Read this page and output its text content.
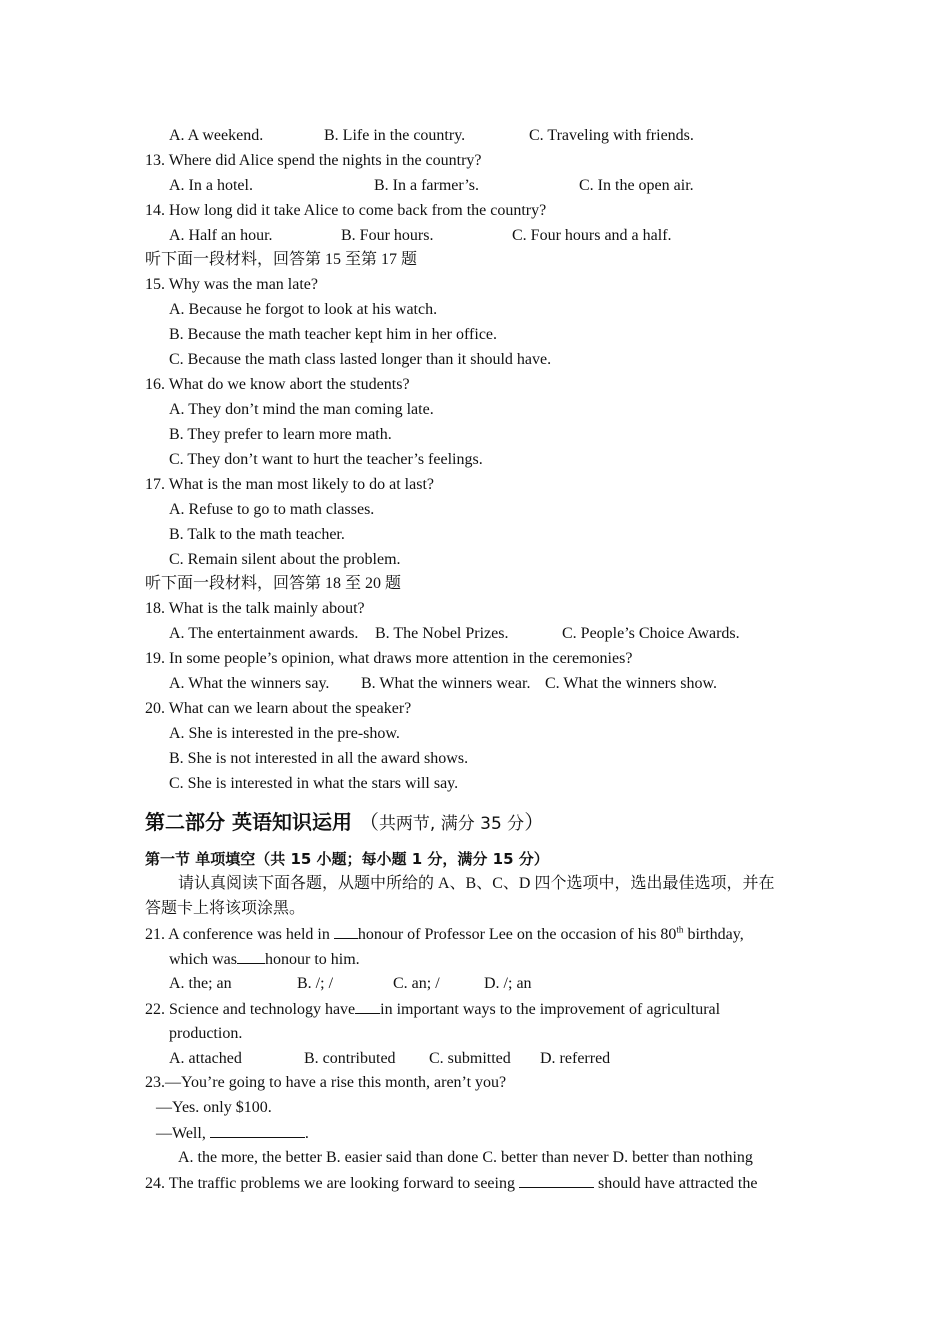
A. A weekend.	B. Life in the country.	C. Traveling with friends.
13. Where did Alice spend the nights in the country?
A. In a hotel.	B. In a farmer’s.	C. In the open air.
14. How long did it take Alice to come back from the country?
A. Half an hour.	B. Four hours.	C. Four hours and a half.
听下面一段材料，回答第 15 至第 17 题
15. Why was the man late?
A. Because he forgot to look at his watch.
B. Because the math teacher kept him in her office.
C. Because the math class lasted longer than it should have.
16. What do we know abort the students?
A. They don’t mind the man coming late.
B. They prefer to learn more math.
C. They don’t want to hurt the teacher’s feelings.
17. What is the man most likely to do at last?
A. Refuse to go to math classes.
B. Talk to the math teacher.
C. Remain silent about the problem.
听下面一段材料，回答第 18 至 20 题
18. What is the talk mainly about?
A. The entertainment awards. B. The Nobel Prizes.	C. People’s Choice Awards.
19. In some people’s opinion, what draws more attention in the ceremonies?
A. What the winners say. B. What the winners wear. C. What the winners show.
20. What can we learn about the speaker?
A. She is interested in the pre-show.
B. She is not interested in all the award shows.
C. She is interested in what the stars will say.
第二部分 英语知识运用 （共两节, 满分 35 分）
第一节 单项填空（共 15 小题；每小题 1 分，满分 15 分）
请认真阅读下面各题，从题中所给的 A、B、C、D 四个选项中，选出最佳选项，并在
答题卡上将该项涂黑。
21. A conference was held in honour of Professor Lee on the occasion of his 80th birthday,
which was honour to him.
A. the; an	B. /; /	C. an; /	D. /; an
22. Science and technology have in important ways to the improvement of agricultural
production.
A. attached	B. contributed C. submitted D. referred
23.—You’re going to have a rise this month, aren’t you?
—Yes. only $100.
—Well,	.
A. the more, the better B. easier said than done C. better than never D. better than nothing
24. The traffic problems we are looking forward to seeing	should have attracted the
